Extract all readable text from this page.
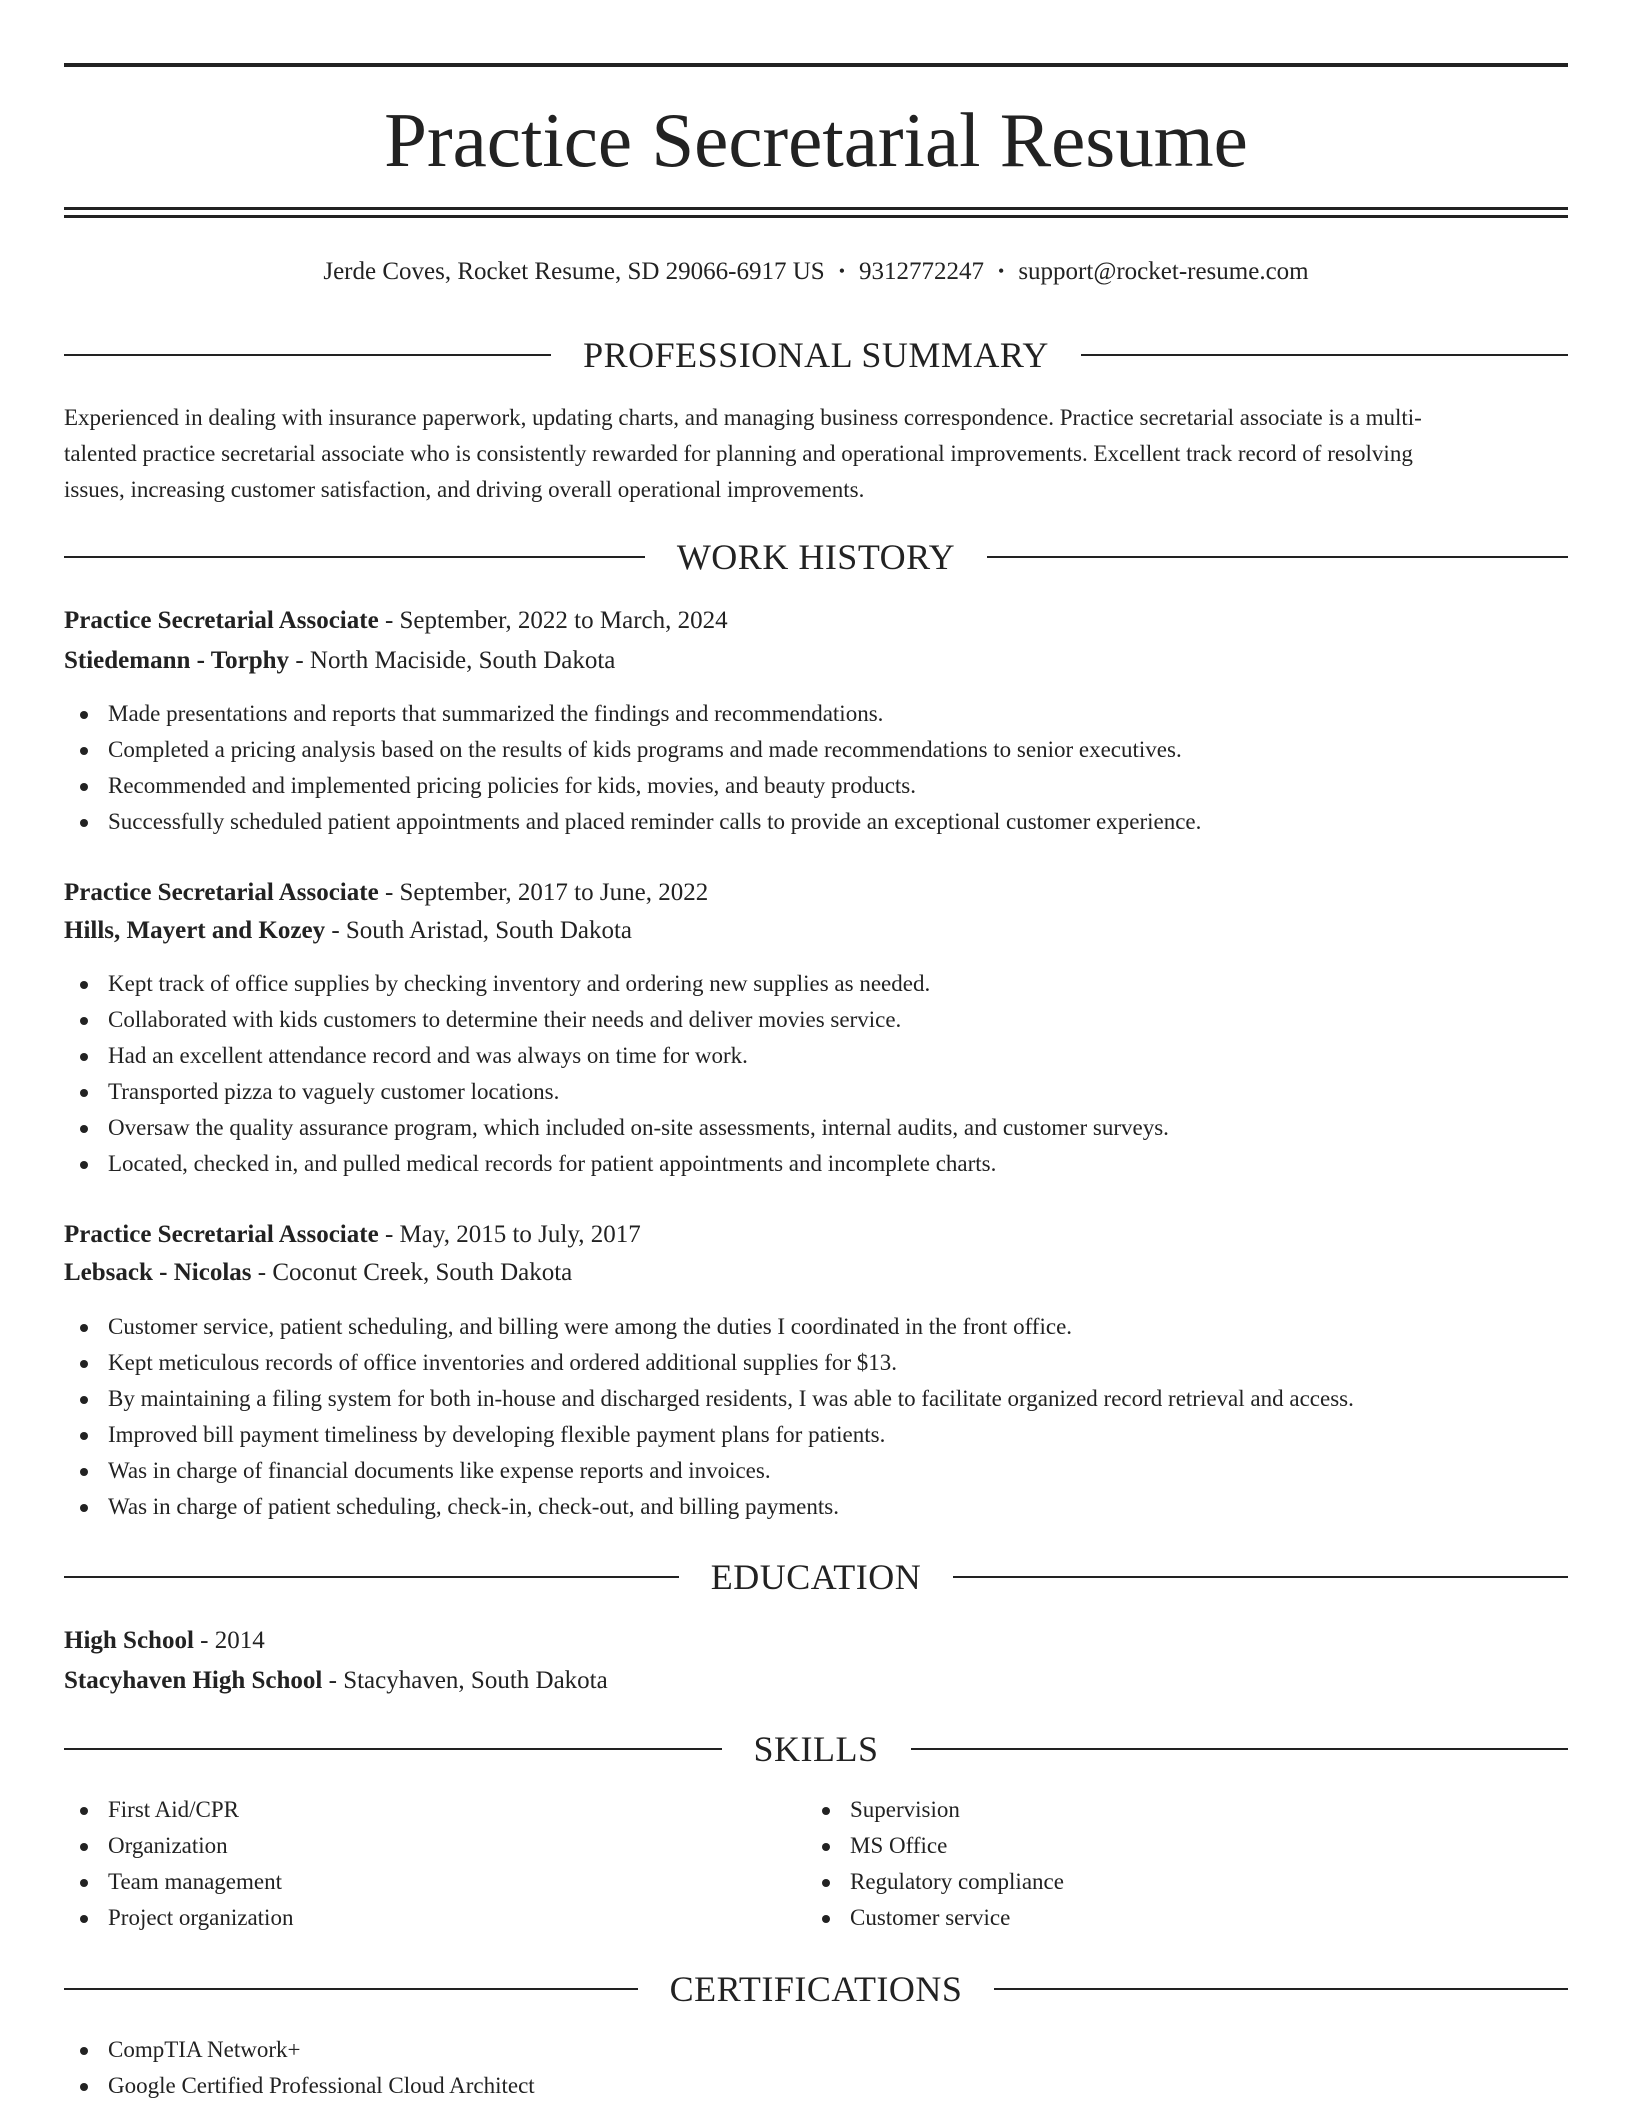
Practice Secretarial Resume
Jerde Coves, Rocket Resume, SD 29066-6917 US • 9312772247 • support@rocket-resume.com
PROFESSIONAL SUMMARY
Experienced in dealing with insurance paperwork, updating charts, and managing business correspondence. Practice secretarial associate is a multi-
talented practice secretarial associate who is consistently rewarded for planning and operational improvements. Excellent track record of resolving
issues, increasing customer satisfaction, and driving overall operational improvements.
WORK HISTORY
Practice Secretarial Associate - September, 2022 to March, 2024
Stiedemann - Torphy - North Maciside, South Dakota
Made presentations and reports that summarized the findings and recommendations.
Completed a pricing analysis based on the results of kids programs and made recommendations to senior executives.
Recommended and implemented pricing policies for kids, movies, and beauty products.
Successfully scheduled patient appointments and placed reminder calls to provide an exceptional customer experience.
Practice Secretarial Associate - September, 2017 to June, 2022
Hills, Mayert and Kozey - South Aristad, South Dakota
Kept track of office supplies by checking inventory and ordering new supplies as needed.
Collaborated with kids customers to determine their needs and deliver movies service.
Had an excellent attendance record and was always on time for work.
Transported pizza to vaguely customer locations.
Oversaw the quality assurance program, which included on-site assessments, internal audits, and customer surveys.
Located, checked in, and pulled medical records for patient appointments and incomplete charts.
Practice Secretarial Associate - May, 2015 to July, 2017
Lebsack - Nicolas - Coconut Creek, South Dakota
Customer service, patient scheduling, and billing were among the duties I coordinated in the front office.
Kept meticulous records of office inventories and ordered additional supplies for $13.
By maintaining a filing system for both in-house and discharged residents, I was able to facilitate organized record retrieval and access.
Improved bill payment timeliness by developing flexible payment plans for patients.
Was in charge of financial documents like expense reports and invoices.
Was in charge of patient scheduling, check-in, check-out, and billing payments.
EDUCATION
High School - 2014
Stacyhaven High School - Stacyhaven, South Dakota
SKILLS
First Aid/CPR
Organization
Team management
Project organization
Supervision
MS Office
Regulatory compliance
Customer service
CERTIFICATIONS
CompTIA Network+
Google Certified Professional Cloud Architect
